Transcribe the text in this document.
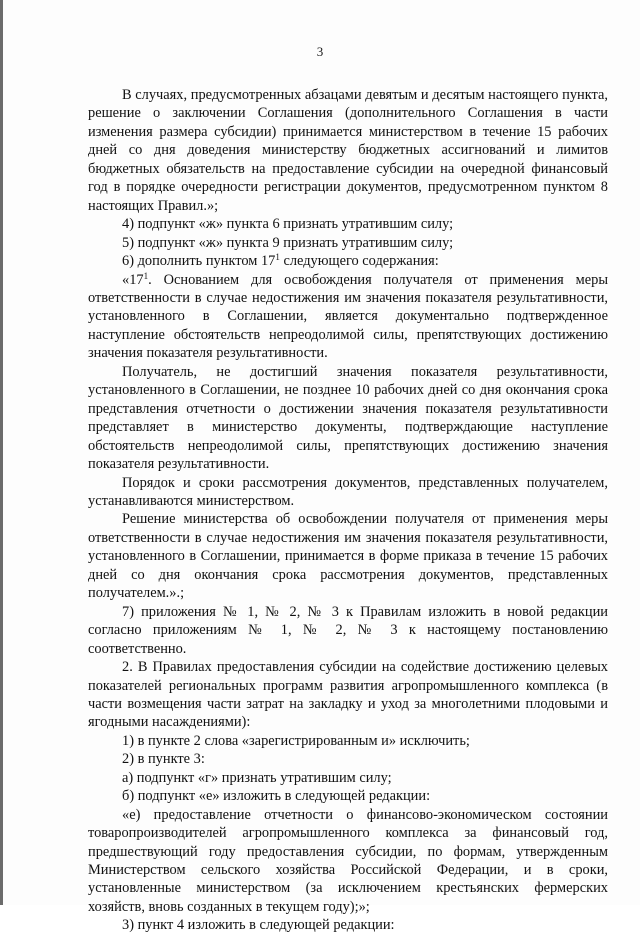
3

В случаях, предусмотренных абзацами девятым и десятым настоящего пункта, решение о заключении Соглашения (дополнительного Соглашения в части изменения размера субсидии) принимается министерством в течение 15 рабочих дней со дня доведения министерству бюджетных ассигнований и лимитов бюджетных обязательств на предоставление субсидии на очередной финансовый год в порядке очередности регистрации документов, предусмотренном пунктом 8 настоящих Правил.»;

4) подпункт «ж» пункта 6 признать утратившим силу;

5) подпункт «ж» пункта 9 признать утратившим силу;

6) дополнить пунктом $17^1$ следующего содержания:

«$17^1$. Основанием для освобождения получателя от применения меры ответственности в случае недостижения им значения показателя результативности, установленного в Соглашении, является документально подтвержденное наступление обстоятельств непреодолимой силы, препятствующих достижению значения показателя результативности.

Получатель, не достигший значения показателя результативности, установленного в Соглашении, не позднее 10 рабочих дней со дня окончания срока представления отчетности о достижении значения показателя результативности представляет в министерство документы, подтверждающие наступление обстоятельств непреодолимой силы, препятствующих достижению значения показателя результативности.

Порядок и сроки рассмотрения документов, представленных получателем, устанавливаются министерством.

Решение министерства об освобождении получателя от применения меры ответственности в случае недостижения им значения показателя результативности, установленного в Соглашении, принимается в форме приказа в течение 15 рабочих дней со дня окончания срока рассмотрения документов, представленных получателем.».;

7) приложения № 1, № 2, № 3 к Правилам изложить в новой редакции согласно приложениям № 1, № 2, № 3 к настоящему постановлению соответственно.

2. В Правилах предоставления субсидии на содействие достижению целевых показателей региональных программ развития агропромышленного комплекса (в части возмещения части затрат на закладку и уход за многолетними плодовыми и ягодными насаждениями):

1) в пункте 2 слова «зарегистрированным и» исключить;

2) в пункте 3:

а) подпункт «г» признать утратившим силу;

б) подпункт «е» изложить в следующей редакции:

«е) предоставление отчетности о финансово-экономическом состоянии товаропроизводителей агропромышленного комплекса за финансовый год, предшествующий году предоставления субсидии, по формам, утвержденным Министерством сельского хозяйства Российской Федерации, и в сроки, установленные министерством (за исключением крестьянских фермерских хозяйств, вновь созданных в текущем году);»;

3) пункт 4 изложить в следующей редакции:
